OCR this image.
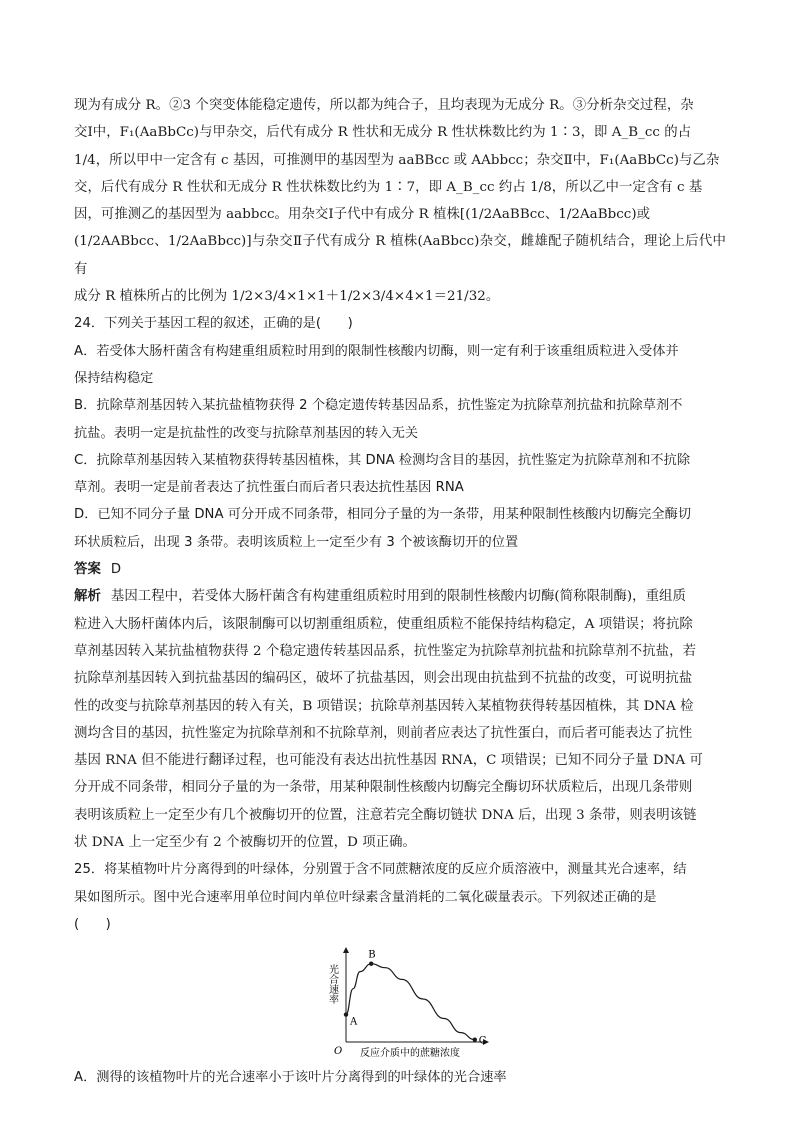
现为有成分 R。②3 个突变体能稳定遗传，所以都为纯合子，且均表现为无成分 R。③分析杂交过程，杂

交Ⅰ中，F₁(AaBbCc)与甲杂交，后代有成分 R 性状和无成分 R 性状株数比约为 1∶3，即 A_B_cc 的占

1/4，所以甲中一定含有 c 基因，可推测甲的基因型为 aaBBcc 或 AAbbcc；杂交Ⅱ中，F₁(AaBbCc)与乙杂

交，后代有成分 R 性状和无成分 R 性状株数比约为 1∶7，即 A_B_cc 约占 1/8，所以乙中一定含有 c 基

因，可推测乙的基因型为 aabbcc。用杂交Ⅰ子代中有成分 R 植株[(1/2AaBBcc、1/2AaBbcc)或

(1/2AABbcc、1/2AaBbcc)]与杂交Ⅱ子代有成分 R 植株(AaBbcc)杂交，雌雄配子随机结合，理论上后代中有

成分 R 植株所占的比例为 1/2×3/4×1×1＋1/2×3/4×4×1＝21/32。

24．下列关于基因工程的叙述，正确的是(　　)

A．若受体大肠杆菌含有构建重组质粒时用到的限制性核酸内切酶，则一定有利于该重组质粒进入受体并

保持结构稳定

B．抗除草剂基因转入某抗盐植物获得 2 个稳定遗传转基因品系，抗性鉴定为抗除草剂抗盐和抗除草剂不

抗盐。表明一定是抗盐性的改变与抗除草剂基因的转入无关

C．抗除草剂基因转入某植物获得转基因植株，其 DNA 检测均含目的基因，抗性鉴定为抗除草剂和不抗除

草剂。表明一定是前者表达了抗性蛋白而后者只表达抗性基因 RNA

D．已知不同分子量 DNA 可分开成不同条带，相同分子量的为一条带，用某种限制性核酸内切酶完全酶切

环状质粒后，出现 3 条带。表明该质粒上一定至少有 3 个被该酶切开的位置

答案 D

解析 基因工程中，若受体大肠杆菌含有构建重组质粒时用到的限制性核酸内切酶(简称限制酶)，重组质

粒进入大肠杆菌体内后，该限制酶可以切割重组质粒，使重组质粒不能保持结构稳定，A 项错误；将抗除

草剂基因转入某抗盐植物获得 2 个稳定遗传转基因品系，抗性鉴定为抗除草剂抗盐和抗除草剂不抗盐，若

抗除草剂基因转入到抗盐基因的编码区，破坏了抗盐基因，则会出现由抗盐到不抗盐的改变，可说明抗盐

性的改变与抗除草剂基因的转入有关，B 项错误；抗除草剂基因转入某植物获得转基因植株，其 DNA 检

测均含目的基因，抗性鉴定为抗除草剂和不抗除草剂，则前者应表达了抗性蛋白，而后者可能表达了抗性

基因 RNA 但不能进行翻译过程，也可能没有表达出抗性基因 RNA，C 项错误；已知不同分子量 DNA 可

分开成不同条带，相同分子量的为一条带，用某种限制性核酸内切酶完全酶切环状质粒后，出现几条带则

表明该质粒上一定至少有几个被酶切开的位置，注意若完全酶切链状 DNA 后，出现 3 条带，则表明该链

状 DNA 上一定至少有 2 个被酶切开的位置，D 项正确。

25．将某植物叶片分离得到的叶绿体，分别置于含不同蔗糖浓度的反应介质溶液中，测量其光合速率，结

果如图所示。图中光合速率用单位时间内单位叶绿素含量消耗的二氧化碳量表示。下列叙述正确的是

(　　)

光合速率
O 反应介质中的蔗糖浓度
A
B
C

A．测得的该植物叶片的光合速率小于该叶片分离得到的叶绿体的光合速率
